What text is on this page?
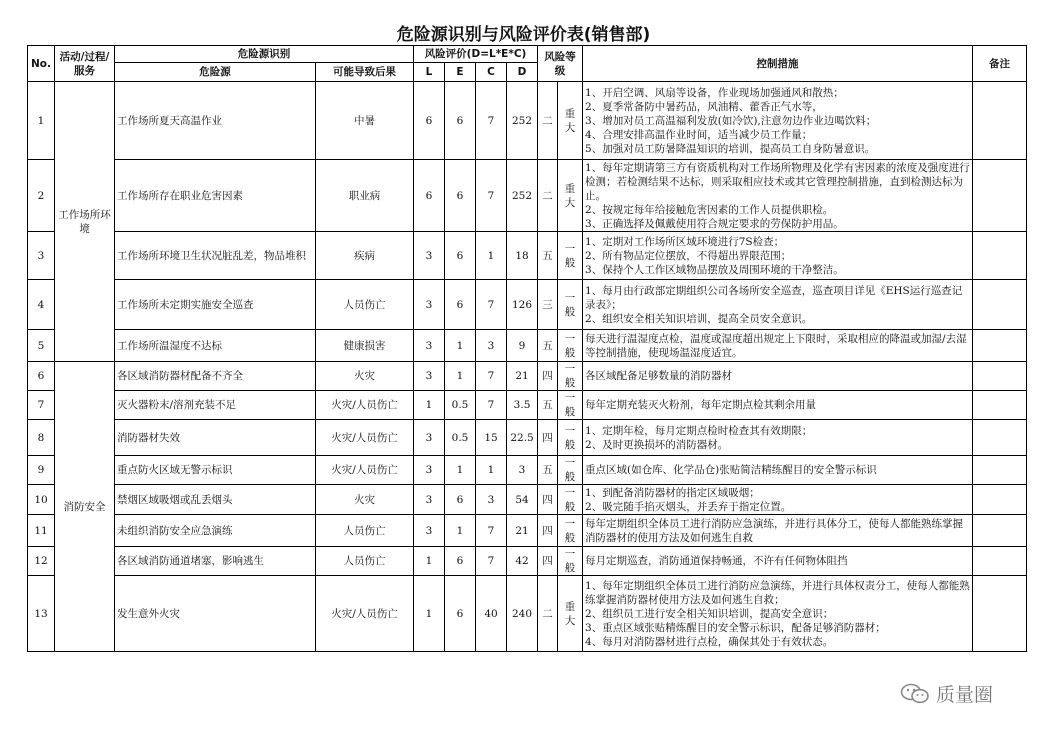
危险源识别与风险评价表(销售部)
No.	活动/过程/服务	危险源识别		风险评价(D=L*E*C)				风险等级		控制措施	备注
		危险源	可能导致后果	L	E	C	D				
1	工作场所环境	工作场所夏天高温作业	中暑	6	6	7	252	二	重大	1、开启空调、风扇等设备，作业现场加强通风和散热；
2、夏季常备防中暑药品，风油精、藿香正气水等，
3、增加对员工高温福利发放(如冷饮),注意勿边作业边喝饮料；
4、合理安排高温作业时间，适当减少员工作量；
5、加强对员工防暑降温知识的培训，提高员工自身防暑意识。	
2		工作场所存在职业危害因素	职业病	6	6	7	252	二	重大	1、每年定期请第三方有资质机构对工作场所物理及化学有害因素的浓度及强度进行检测；若检测结果不达标，则采取相应技术或其它管理控制措施，直到检测达标为止。
2、按规定每年给接触危害因素的工作人员提供职检。
3、正确选择及佩戴使用符合规定要求的劳保防护用品。	
3		工作场所环境卫生状况脏乱差，物品堆积	疾病	3	6	1	18	五	一般	1、定期对工作场所区域环境进行7S检查；
2、所有物品定位摆放，不得超出界限范围；
3、保持个人工作区域物品摆放及周围环境的干净整洁。	
4		工作场所未定期实施安全巡查	人员伤亡	3	6	7	126	三	一般	1、每月由行政部定期组织公司各场所安全巡查，巡查项目详见《EHS运行巡查记录表》；
2、组织安全相关知识培训，提高全员安全意识。	
5		工作场所温湿度不达标	健康损害	3	1	3	9	五	一般	每天进行温湿度点检，温度或湿度超出规定上下限时，采取相应的降温或加湿/去湿等控制措施，使现场温湿度适宜。	
6	消防安全	各区域消防器材配备不齐全	火灾	3	1	7	21	四	一般	各区域配备足够数量的消防器材	
7		灭火器粉末/溶剂充装不足	火灾/人员伤亡	1	0.5	7	3.5	五	一般	每年定期充装灭火粉剂，每年定期点检其剩余用量	
8		消防器材失效	火灾/人员伤亡	3	0.5	15	22.5	四	一般	1、定期年检，每月定期点检时检查其有效期限；
2、及时更换损坏的消防器材。	
9		重点防火区域无警示标识	火灾/人员伤亡	3	1	1	3	五	一般	重点区域(如仓库、化学品仓)张贴简洁精练醒目的安全警示标识	
10		禁烟区域吸烟或乱丢烟头	火灾	3	6	3	54	四	一般	1、到配备消防器材的指定区域吸烟；
2、吸完随手掐灭烟头，并丢弃于指定位置。	
11		未组织消防安全应急演练	人员伤亡	3	1	7	21	四	一般	每年定期组织全体员工进行消防应急演练，并进行具体分工，使每人都能熟练掌握消防器材的使用方法及如何逃生自救	
12		各区域消防通道堵塞，影响逃生	人员伤亡	1	6	7	42	四	一般	每月定期巡查，消防通道保持畅通，不许有任何物体阻挡	
13		发生意外火灾	火灾/人员伤亡	1	6	40	240	二	重大	1、每年定期组织全体员工进行消防应急演练，并进行具体权责分工，使每人都能熟练掌握消防器材使用方法及如何逃生自救；
2、组织员工进行安全相关知识培训，提高安全意识；
3、重点区域张贴精炼醒目的安全警示标识，配备足够消防器材；
4、每月对消防器材进行点检，确保其处于有效状态。	
质量圈
